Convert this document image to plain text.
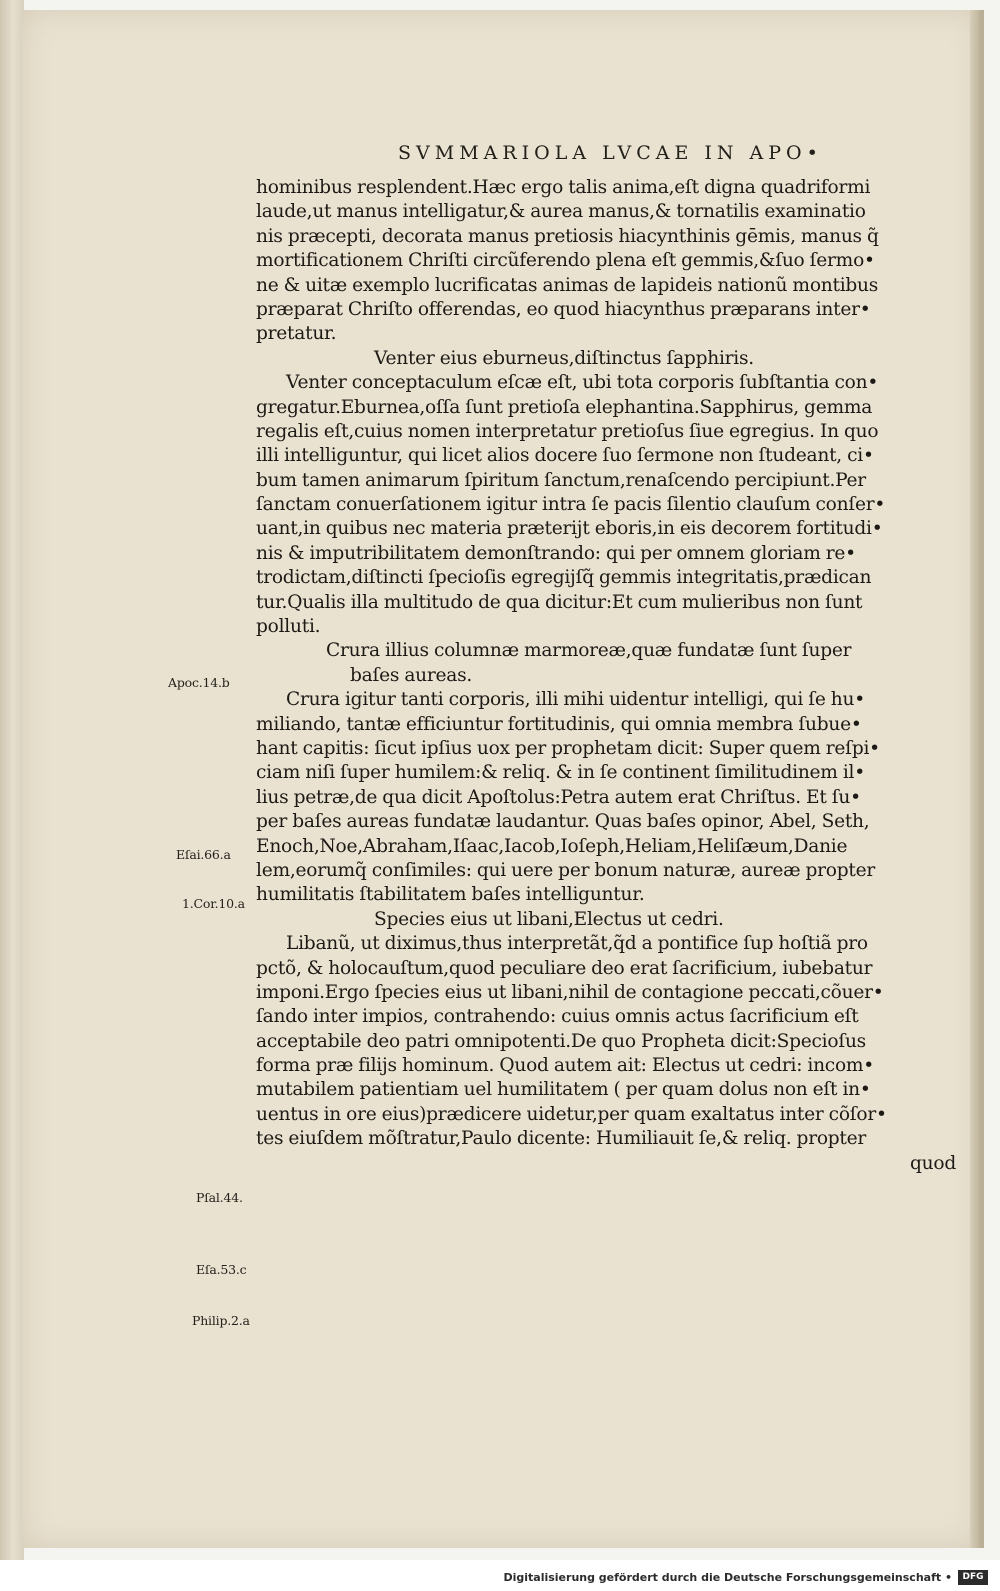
SVMMARIOLA LVCAE IN APO•
hominibus resplendent.Hæc ergo talis anima,eſt digna quadriformi
laude,ut manus intelligatur,& aurea manus,& tornatilis examinatio
nis præcepti, decorata manus pretiosis hiacynthinis gēmis, manus q̃
mortificationem Chriſti circũferendo plena eſt gemmis,&ſuo ſermo•
ne & uitæ exemplo lucrificatas animas de lapideis nationũ montibus
præparat Chriſto offerendas, eo quod hiacynthus præparans inter•
pretatur.
Venter eius eburneus,diſtinctus ſapphiris.
Venter conceptaculum eſcæ eſt, ubi tota corporis ſubſtantia con•
gregatur.Eburnea,oſſa ſunt pretioſa elephantina.Sapphirus, gemma
regalis eſt,cuius nomen interpretatur pretioſus ſiue egregius. In quo
illi intelliguntur, qui licet alios docere ſuo ſermone non ſtudeant, ci•
bum tamen animarum ſpiritum ſanctum,renaſcendo percipiunt.Per
ſanctam conuerſationem igitur intra ſe pacis ſilentio clauſum conſer•
uant,in quibus nec materia præterijt eboris,in eis decorem fortitudi•
nis & imputribilitatem demonſtrando: qui per omnem gloriam re•
trodictam,diſtincti ſpecioſis egregijſq̃ gemmis integritatis,prædican
tur.Qualis illa multitudo de qua dicitur:Et cum mulieribus non ſunt
polluti.
Crura illius columnæ marmoreæ,quæ fundatæ ſunt ſuper
baſes aureas.
Crura igitur tanti corporis, illi mihi uidentur intelligi, qui ſe hu•
miliando, tantæ efficiuntur fortitudinis, qui omnia membra ſubue•
hant capitis: ſicut ipſius uox per prophetam dicit: Super quem reſpi•
ciam niſi ſuper humilem:& reliq. & in ſe continent ſimilitudinem il•
lius petræ,de qua dicit Apoſtolus:Petra autem erat Chriſtus. Et ſu•
per baſes aureas fundatæ laudantur. Quas baſes opinor, Abel, Seth,
Enoch,Noe,Abraham,Iſaac,Iacob,Ioſeph,Heliam,Heliſæum,Danie
lem,eorumq̃ conſimiles: qui uere per bonum naturæ, aureæ propter
humilitatis ſtabilitatem baſes intelliguntur.
Species eius ut libani,Electus ut cedri.
Libanũ, ut diximus,thus interpretãt,q̃d a pontifice ſup hoſtiã pro
pctõ, & holocauſtum,quod peculiare deo erat ſacrificium, iubebatur
imponi.Ergo ſpecies eius ut libani,nihil de contagione peccati,cõuer•
ſando inter impios, contrahendo: cuius omnis actus ſacrificium eſt
acceptabile deo patri omnipotenti.De quo Propheta dicit:Specioſus
forma præ filijs hominum. Quod autem ait: Electus ut cedri: incom•
mutabilem patientiam uel humilitatem ( per quam dolus non eſt in•
uentus in ore eius)prædicere uidetur,per quam exaltatus inter cõſor•
tes eiuſdem mõſtratur,Paulo dicente: Humiliauit ſe,& reliq. propter
quod
Apoc.14.b
Eſai.66.a
1.Cor.10.a
Pſal.44.
Eſa.53.c
Philip.2.a
Digitalisierung gefördert durch die Deutsche Forschungsgemeinschaft •	DFG
